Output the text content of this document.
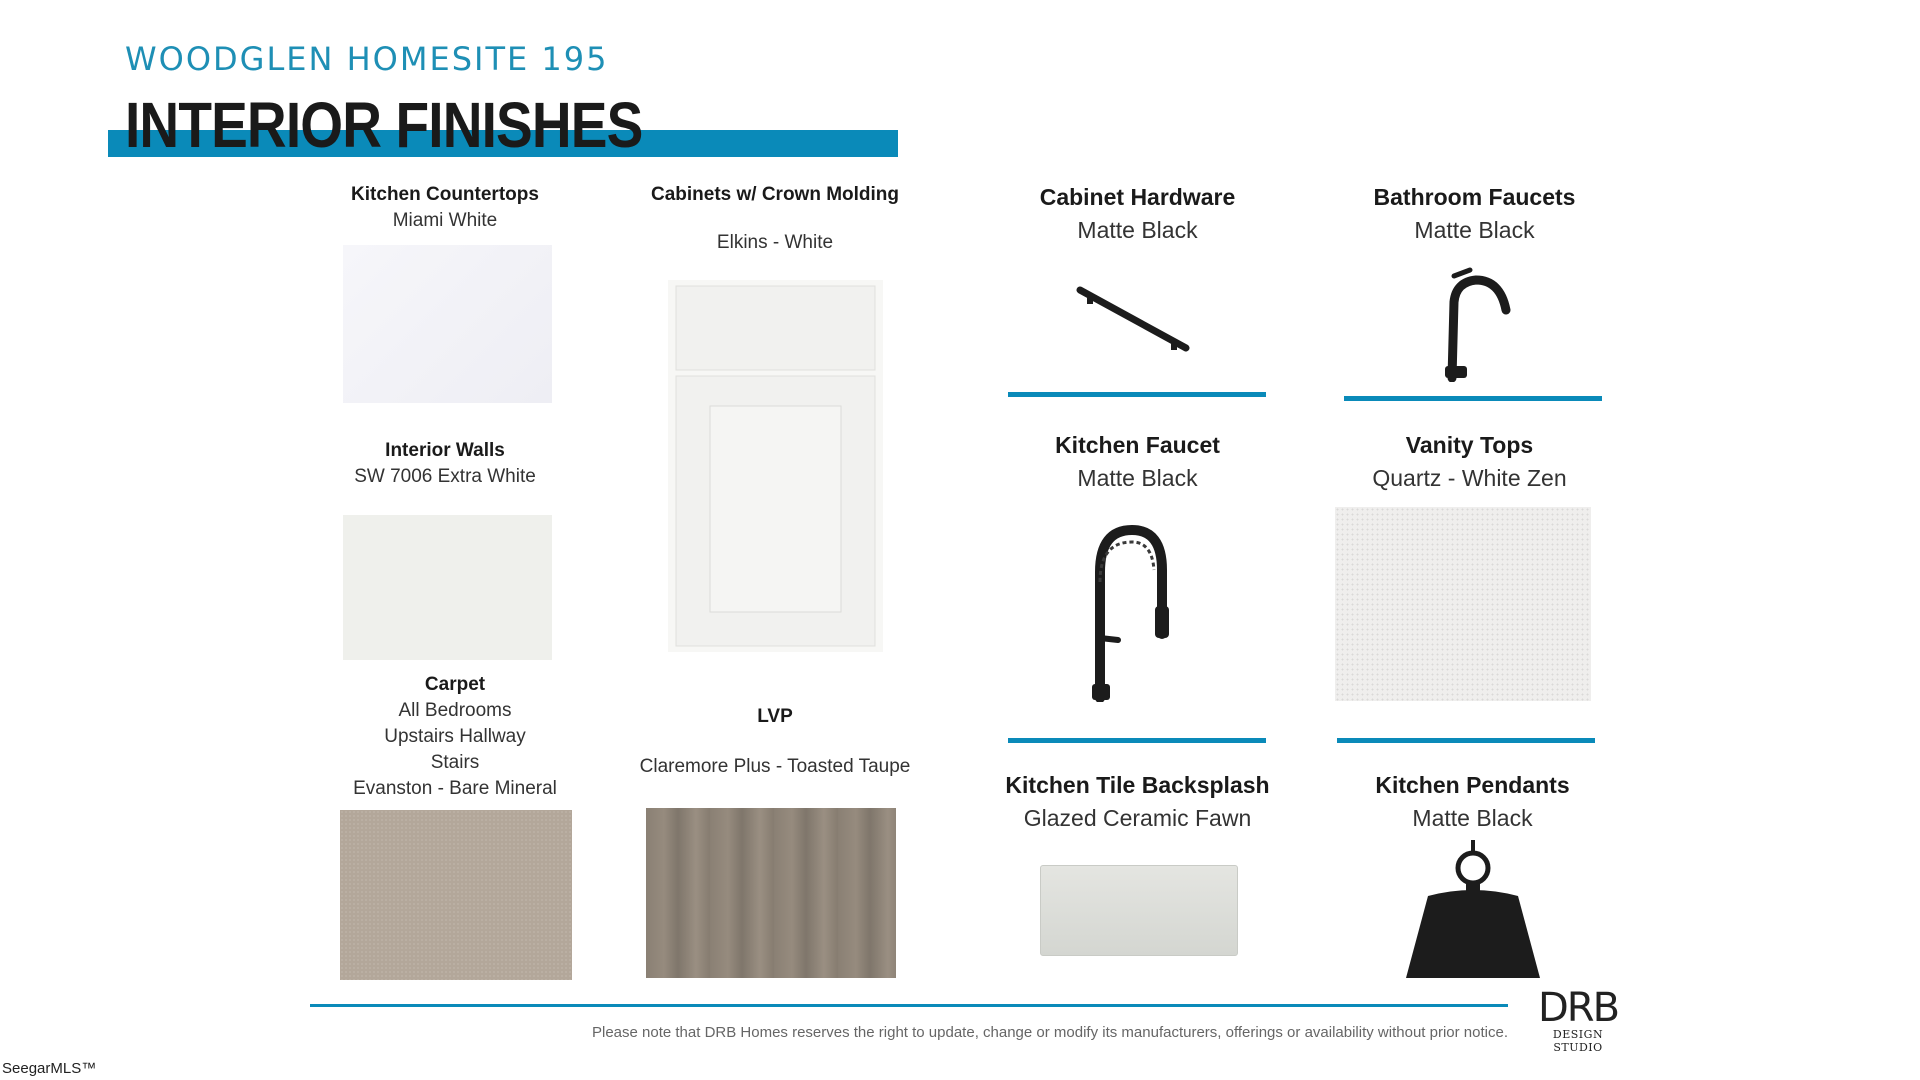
WOODGLEN HOMESITE 195
INTERIOR FINISHES
Kitchen Countertops
Miami White
Interior Walls
SW 7006 Extra White
Carpet
All Bedrooms
Upstairs Hallway
Stairs
Evanston - Bare Mineral
Cabinets w/ Crown Molding
Elkins - White
LVP
Claremore Plus - Toasted Taupe
Cabinet Hardware
Matte Black
Bathroom Faucets
Matte Black
Kitchen Faucet
Matte Black
Vanity Tops
Quartz - White Zen
Kitchen Tile Backsplash
Glazed Ceramic Fawn
Kitchen Pendants
Matte Black
Please note that DRB Homes reserves the right to update, change or modify its manufacturers, offerings or availability without prior notice.
DRB
DESIGN STUDIO
SeegarMLS™
